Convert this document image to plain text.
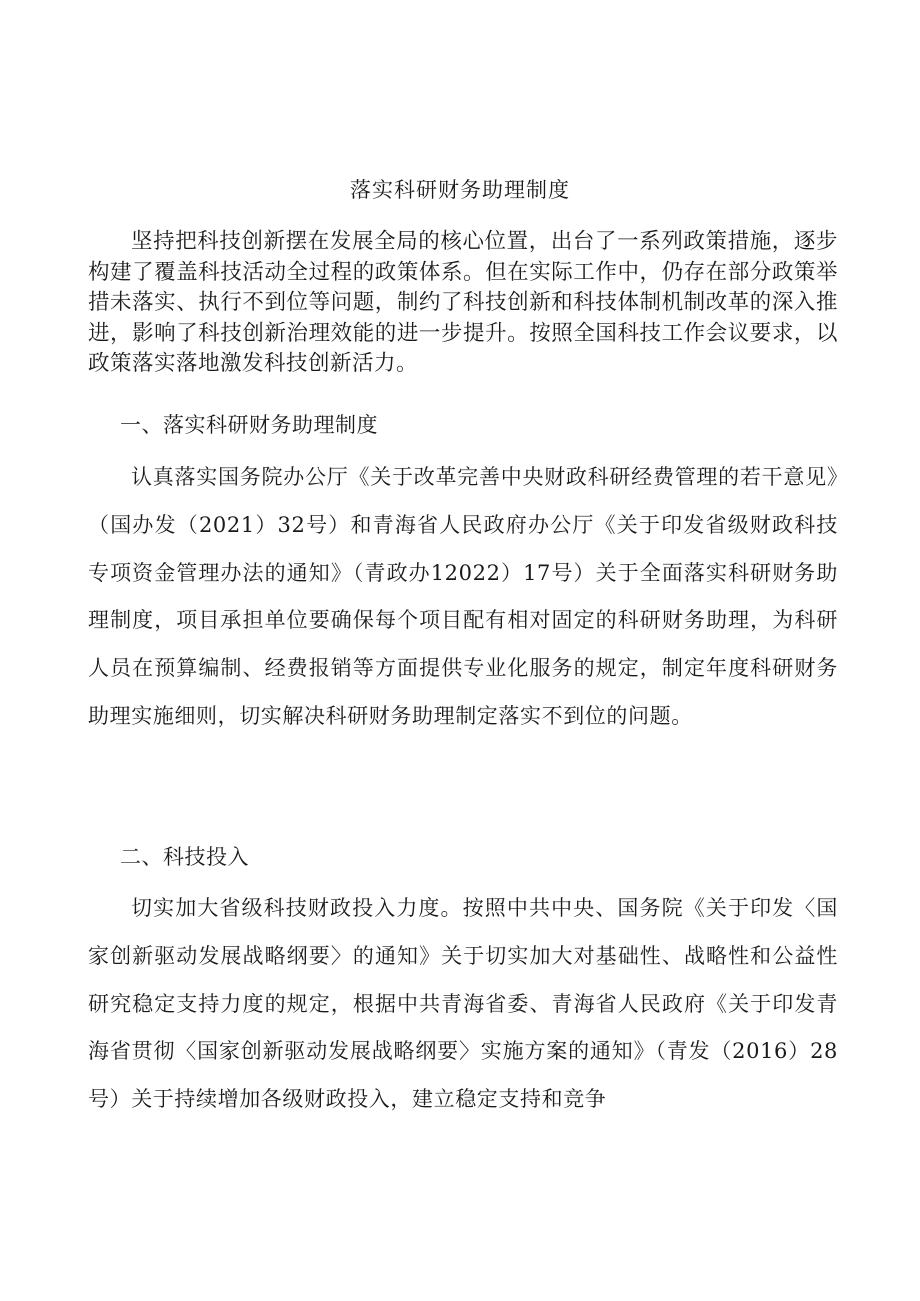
落实科研财务助理制度

坚持把科技创新摆在发展全局的核心位置，出台了一系列政策措施，逐步构建了覆盖科技活动全过程的政策体系。但在实际工作中，仍存在部分政策举措未落实、执行不到位等问题，制约了科技创新和科技体制机制改革的深入推进，影响了科技创新治理效能的进一步提升。按照全国科技工作会议要求，以政策落实落地激发科技创新活力。

一、落实科研财务助理制度

认真落实国务院办公厅《关于改革完善中央财政科研经费管理的若干意见》（国办发（2021）32号）和青海省人民政府办公厅《关于印发省级财政科技专项资金管理办法的通知》（青政办12022）17号）关于全面落实科研财务助理制度，项目承担单位要确保每个项目配有相对固定的科研财务助理，为科研人员在预算编制、经费报销等方面提供专业化服务的规定，制定年度科研财务助理实施细则，切实解决科研财务助理制定落实不到位的问题。

二、科技投入

切实加大省级科技财政投入力度。按照中共中央、国务院《关于印发〈国家创新驱动发展战略纲要〉的通知》关于切实加大对基础性、战略性和公益性研究稳定支持力度的规定，根据中共青海省委、青海省人民政府《关于印发青海省贯彻〈国家创新驱动发展战略纲要〉实施方案的通知》（青发（2016）28号）关于持续增加各级财政投入，建立稳定支持和竞争
